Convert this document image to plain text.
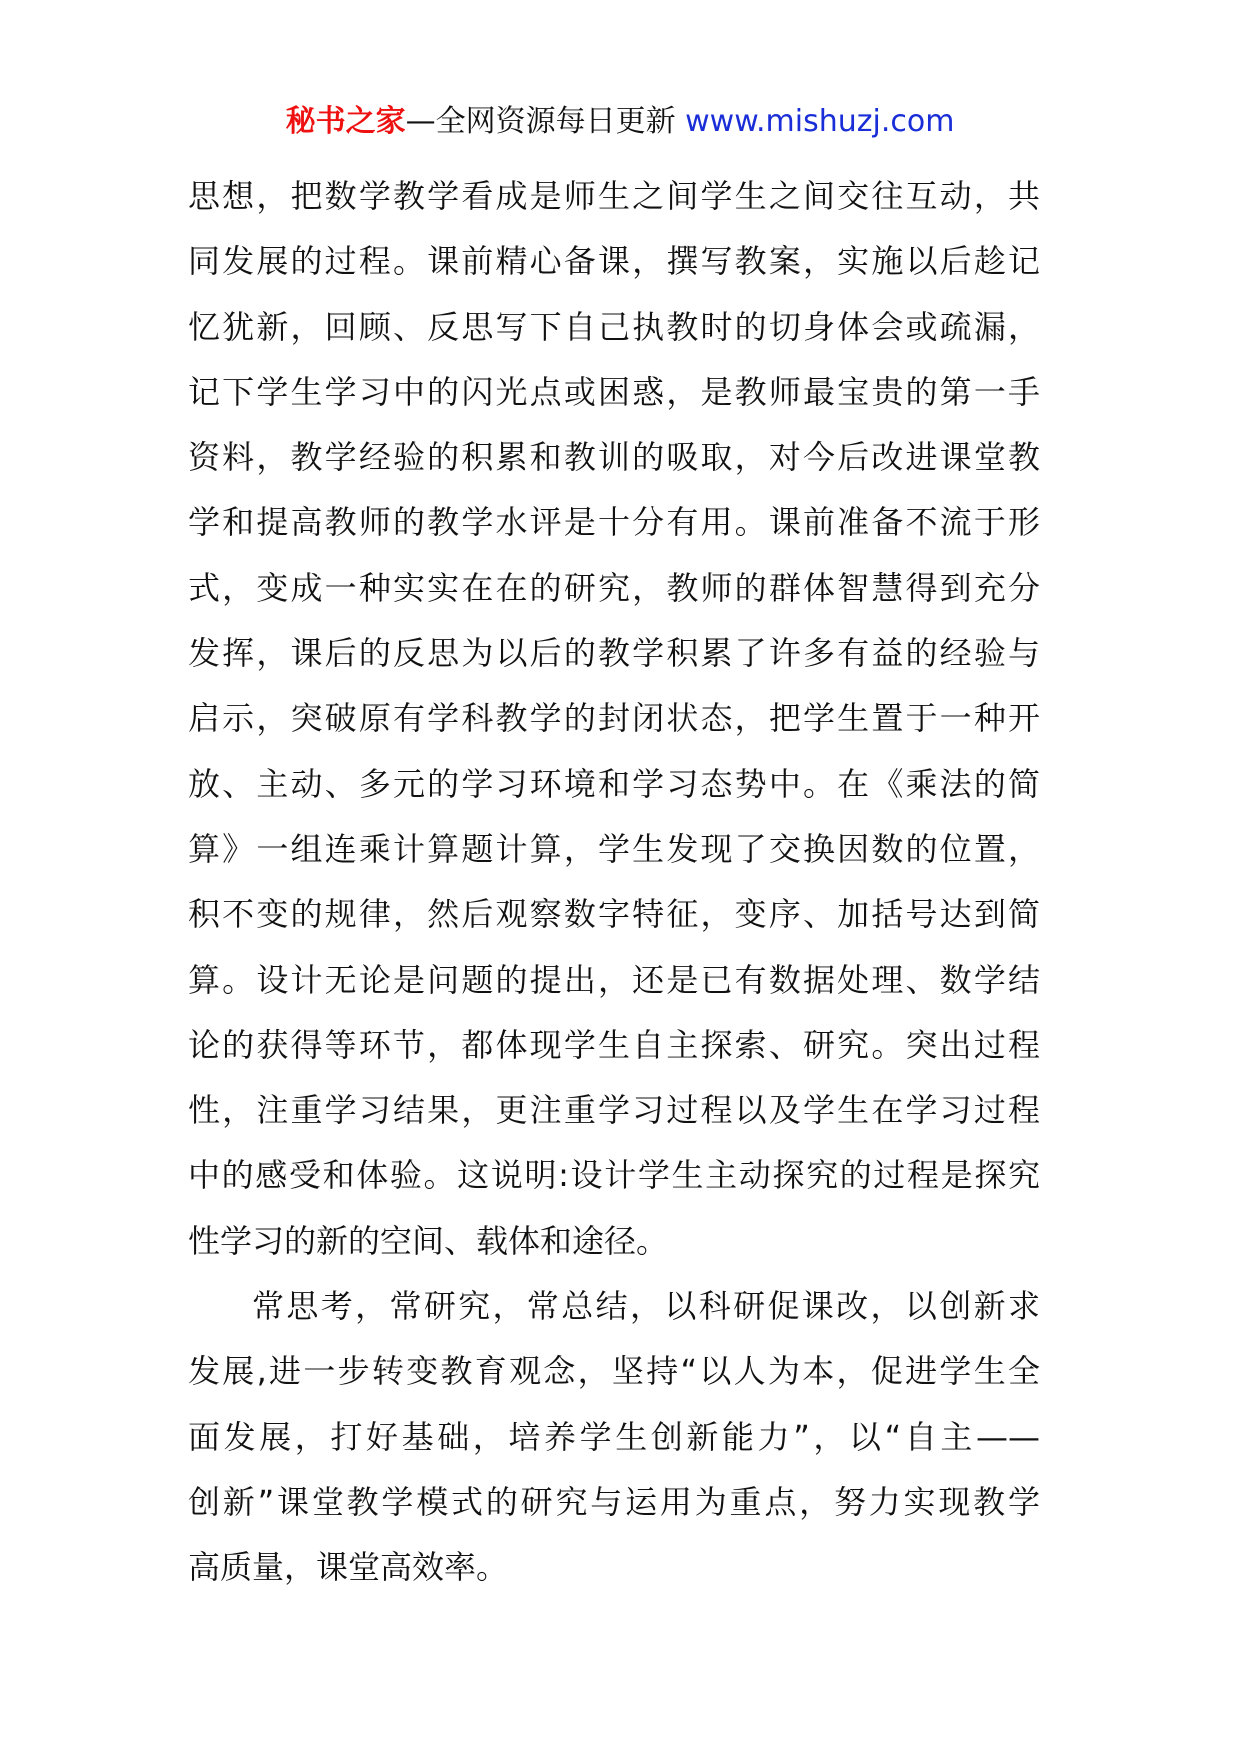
秘书之家—全网资源每日更新 www.mishuzj.com
思想，把数学教学看成是师生之间学生之间交往互动，共
同发展的过程。课前精心备课，撰写教案，实施以后趁记
忆犹新，回顾、反思写下自己执教时的切身体会或疏漏，
记下学生学习中的闪光点或困惑，是教师最宝贵的第一手
资料，教学经验的积累和教训的吸取，对今后改进课堂教
学和提高教师的教学水评是十分有用。课前准备不流于形
式，变成一种实实在在的研究，教师的群体智慧得到充分
发挥，课后的反思为以后的教学积累了许多有益的经验与
启示，突破原有学科教学的封闭状态，把学生置于一种开
放、主动、多元的学习环境和学习态势中。在《乘法的简
算》一组连乘计算题计算，学生发现了交换因数的位置，
积不变的规律，然后观察数字特征，变序、加括号达到简
算。设计无论是问题的提出，还是已有数据处理、数学结
论的获得等环节，都体现学生自主探索、研究。突出过程
性，注重学习结果，更注重学习过程以及学生在学习过程
中的感受和体验。这说明:设计学生主动探究的过程是探究
性学习的新的空间、载体和途径。
常思考，常研究，常总结，以科研促课改，以创新求
发展,进一步转变教育观念，坚持“以人为本，促进学生全
面发展，打好基础，培养学生创新能力”，以“自主——
创新”课堂教学模式的研究与运用为重点，努力实现教学
高质量，课堂高效率。
